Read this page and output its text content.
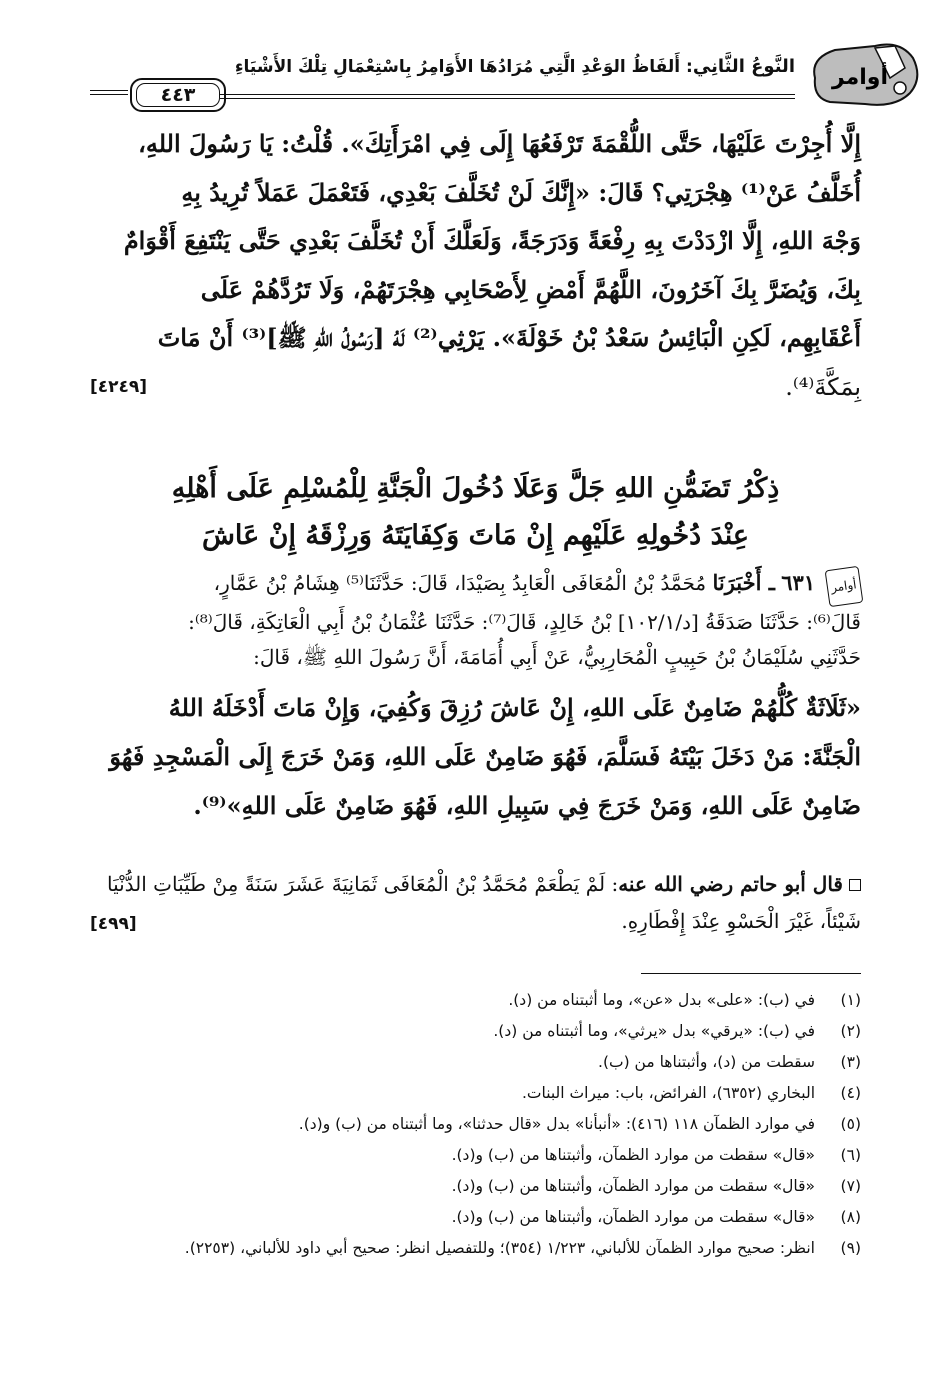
أوامر
النَّوعُ الثَّانِي: أَلفَاظُ الوَعْدِ الَّتِي مُرَادُهَا الأَوَامِرُ بِاسْتِعْمَالِ تِلْكَ الأَشْيَاءِ
٤٤٣

إِلَّا أُجِرْتَ عَلَيْهَا، حَتَّى اللُّقْمَةَ تَرْفَعُهَا إِلَى فِي امْرَأَتِكَ». قُلْتُ: يَا رَسُولَ اللهِ،

أُخَلَّفُ عَنْ⁽¹⁾ هِجْرَتِي؟ قَالَ: «إِنَّكَ لَنْ تُخَلَّفَ بَعْدِي، فَتَعْمَلَ عَمَلاً تُرِيدُ بِهِ

وَجْهَ اللهِ، إِلَّا ازْدَدْتَ بِهِ رِفْعَةً وَدَرَجَةً، وَلَعَلَّكَ أَنْ تُخَلَّفَ بَعْدِي حَتَّى يَنْتَفِعَ أَقْوَامٌ

بِكَ، وَيُضَرَّ بِكَ آخَرُونَ، اللَّهُمَّ أَمْضِ لِأَصْحَابِي هِجْرَتَهُمْ، وَلَا تَرُدَّهُمْ عَلَى

أَعْقَابِهِم، لَكِنِ الْبَائِسُ سَعْدُ بْنُ خَوْلَةَ». يَرْثِي⁽²⁾ لَهُ [رَسُولُ اللهِ ﷺ]⁽³⁾ أَنْ مَاتَ

بِمَكَّةَ⁽⁴⁾.

[٤٢٤٩]
ذِكْرُ تَضَمُّنِ اللهِ جَلَّ وَعَلَا دُخُولَ الْجَنَّةِ لِلْمُسْلِمِ عَلَى أَهْلِهِ
عِنْدَ دُخُولِهِ عَلَيْهِم إِنْ مَاتَ وَكِفَايَتَهُ وَرِزْقَهُ إِنْ عَاشَ

أوامر ٦٣١ ـ أَخْبَرَنَا مُحَمَّدُ بْنُ الْمُعَافَى الْعَابِدُ بِصَيْدَا، قَالَ: حَدَّثَنَا⁽⁵⁾ هِشَامُ بْنُ عَمَّارٍ،

قَالَ⁽⁶⁾: حَدَّثَنَا صَدَقَةُ [د/١٠٢/١] بْنُ خَالِدٍ، قَالَ⁽⁷⁾: حَدَّثَنَا عُثْمَانُ بْنُ أَبِي الْعَاتِكَةِ، قَالَ⁽⁸⁾:

حَدَّثَنِي سُلَيْمَانُ بْنُ حَبِيبٍ الْمُحَارِبِيُّ، عَنْ أَبِي أُمَامَةَ، أَنَّ رَسُولَ اللهِ ﷺ، قَالَ:

«ثَلَاثَةٌ كُلُّهُمْ ضَامِنٌ عَلَى اللهِ، إِنْ عَاشَ رُزِقَ وَكُفِيَ، وَإِنْ مَاتَ أَدْخَلَهُ اللهُ

الْجَنَّةَ: مَنْ دَخَلَ بَيْتَهُ فَسَلَّمَ، فَهُوَ ضَامِنٌ عَلَى اللهِ، وَمَنْ خَرَجَ إِلَى الْمَسْجِدِ فَهُوَ

ضَامِنٌ عَلَى اللهِ، وَمَنْ خَرَجَ فِي سَبِيلِ اللهِ، فَهُوَ ضَامِنٌ عَلَى اللهِ»⁽⁹⁾.

قال أبو حاتم رضي الله عنه: لَمْ يَطْعَمْ مُحَمَّدُ بْنُ الْمُعَافَى ثَمَانِيَةَ عَشَرَ سَنَةً مِنْ طَيِّبَاتِ الدُّنْيَا
شَيْئاً، غَيْرَ الْحَسْوِ عِنْدَ إِفْطَارِهِ.
[٤٩٩]
(١)
في (ب): «على» بدل «عن»، وما أثبتناه من (د).
(٢)
في (ب): «يرقي» بدل «يرثي»، وما أثبتناه من (د).
(٣)
سقطت من (د)، وأثبتناها من (ب).
(٤)
البخاري (٦٣٥٢)، الفرائض، باب: ميراث البنات.
(٥)
في موارد الظمآن ١١٨ (٤١٦): «أنبأنا» بدل «قال حدثنا»، وما أثبتناه من (ب) و(د).
(٦)
«قال» سقطت من موارد الظمآن، وأثبتناها من (ب) و(د).
(٧)
«قال» سقطت من موارد الظمآن، وأثبتناها من (ب) و(د).
(٨)
«قال» سقطت من موارد الظمآن، وأثبتناها من (ب) و(د).
(٩)
انظر: صحيح موارد الظمآن للألباني، ١/٢٢٣ (٣٥٤)؛ وللتفصيل انظر: صحيح أبي داود للألباني، (٢٢٥٣).
